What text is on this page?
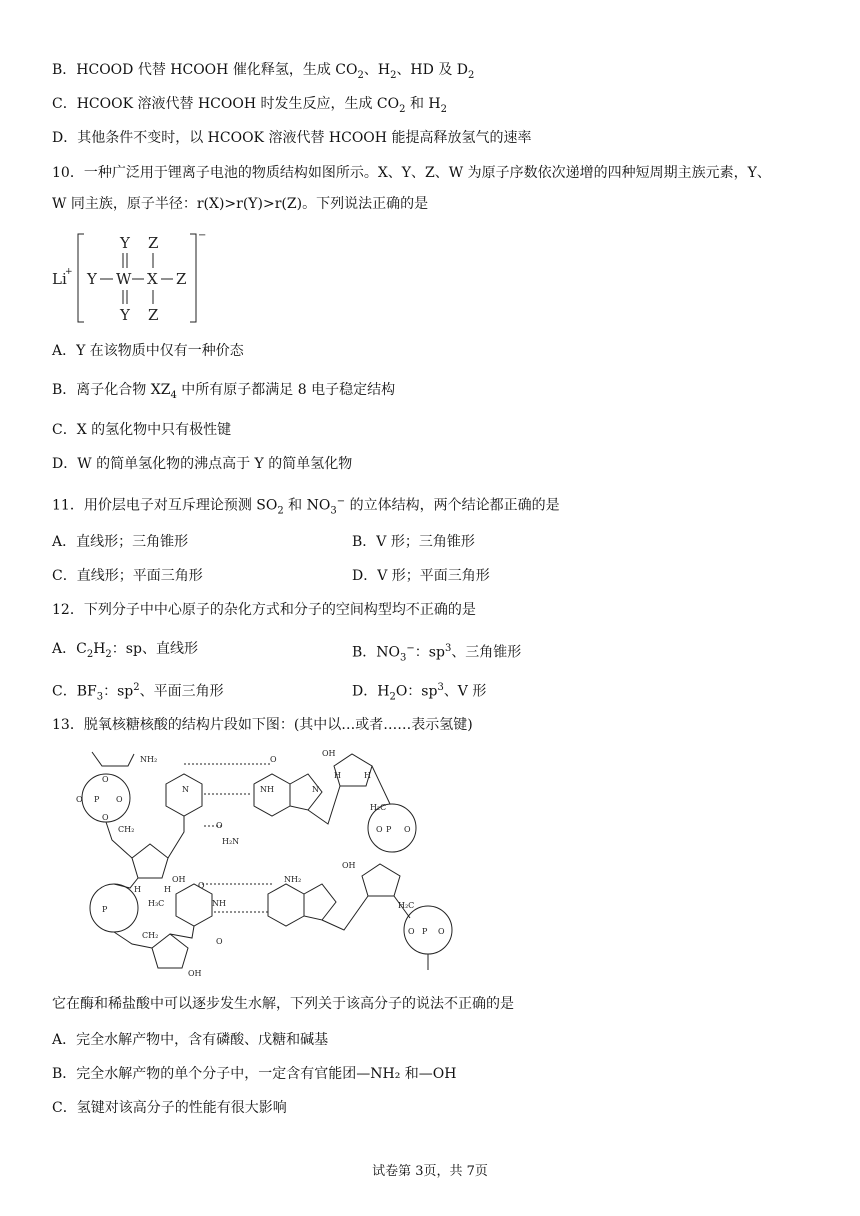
B．HCOOD 代替 HCOOH 催化释氢，生成 $CO_2$、$H_2$、HD 及 $D_2$
C．HCOOK 溶液代替 HCOOH 时发生反应，生成 $CO_2$ 和 $H_2$
D．其他条件不变时，以 HCOOK 溶液代替 HCOOH 能提高释放氢气的速率
10．一种广泛用于锂离子电池的物质结构如图所示。X、Y、Z、W 为原子序数依次递增的四种短周期主族元素，Y、
W 同主族，原子半径：r(X)>r(Y)>r(Z)。下列说法正确的是
Li
+
−
Y Z
Y W X Z
Y Z
A．Y 在该物质中仅有一种价态
B．离子化合物 $XZ_4$ 中所有原子都满足 8 电子稳定结构
C．X 的氢化物中只有极性键
D．W 的简单氢化物的沸点高于 Y 的简单氢化物
11．用价层电子对互斥理论预测 $SO_2$ 和 $NO_3^-$ 的立体结构，两个结论都正确的是
A．直线形；三角锥形	B．V 形；三角锥形
C．直线形；平面三角形	D．V 形；平面三角形
12．下列分子中中心原子的杂化方式和分子的空间构型均不正确的是
A．$C_2H_2$：sp、直线形	B．$NO_3^-$：$sp^3$、三角锥形
C．$BF_3$：$sp^2$、平面三角形	D．$H_2O$：$sp^3$、V 形
13．脱氧核糖核酸的结构片段如下图：(其中以…或者……表示氢键)
NH₂
P
O	O
O
O
N	NH
O
H₂N
O
N
CH₂
H	H
OH
OH
H	H
H₂C
P
O	O
NH₂
O
H₃C	NH
P
CH₂
O
OH
OH
H₂C
P
O	O
它在酶和稀盐酸中可以逐步发生水解，下列关于该高分子的说法不正确的是
A．完全水解产物中，含有磷酸、戊糖和碱基
B．完全水解产物的单个分子中，一定含有官能团—NH₂ 和—OH
C．氢键对该高分子的性能有很大影响
试卷第 3页，共 7页
